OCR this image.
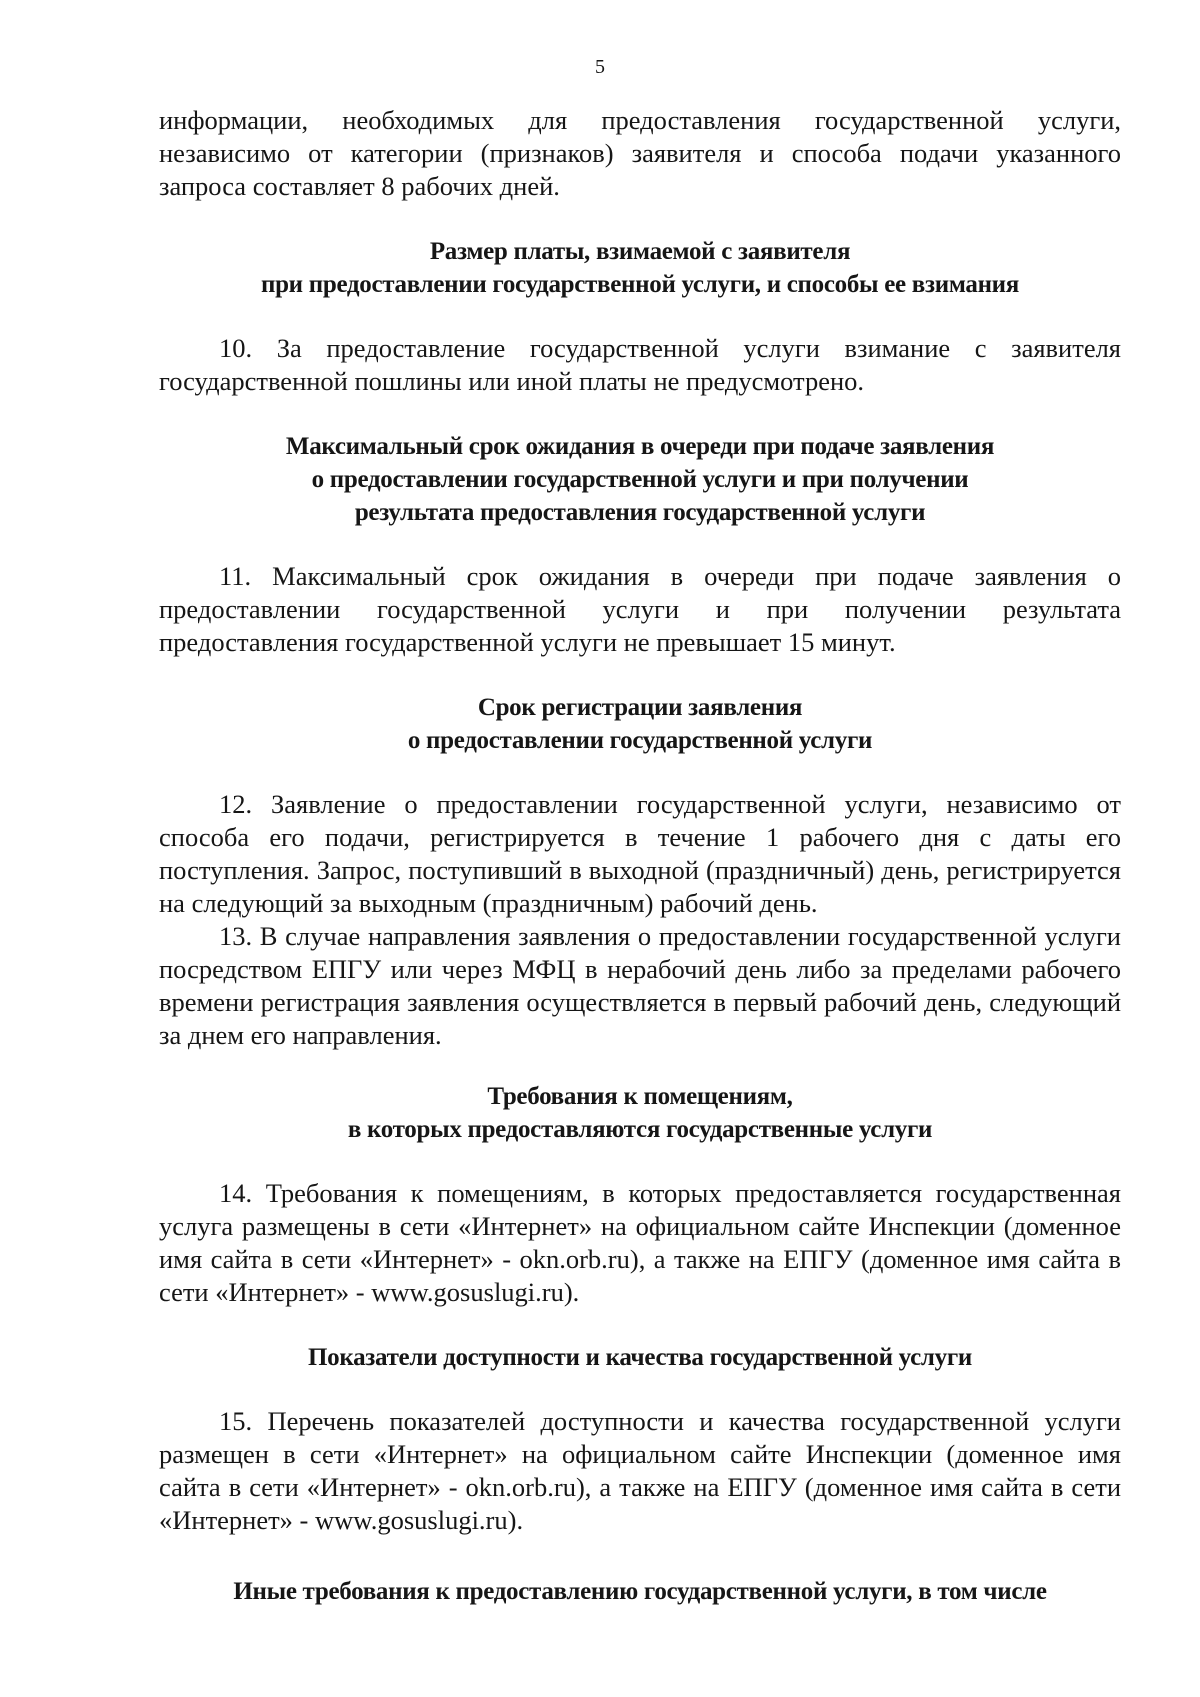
5

информации, необходимых для предоставления государственной услуги, независимо от категории (признаков) заявителя и способа подачи указанного запроса составляет 8 рабочих дней.

Размер платы, взимаемой с заявителя
при предоставлении государственной услуги, и способы ее взимания

10. За предоставление государственной услуги взимание с заявителя государственной пошлины или иной платы не предусмотрено.

Максимальный срок ожидания в очереди при подаче заявления
о предоставлении государственной услуги и при получении
результата предоставления государственной услуги

11. Максимальный срок ожидания в очереди при подаче заявления о предоставлении государственной услуги и при получении результата предоставления государственной услуги не превышает 15 минут.

Срок регистрации заявления
о предоставлении государственной услуги

12. Заявление о предоставлении государственной услуги, независимо от способа его подачи, регистрируется в течение 1 рабочего дня с даты его поступления. Запрос, поступивший в выходной (праздничный) день, регистрируется на следующий за выходным (праздничным) рабочий день.

13. В случае направления заявления о предоставлении государственной услуги посредством ЕПГУ или через МФЦ в нерабочий день либо за пределами рабочего времени регистрация заявления осуществляется в первый рабочий день, следующий за днем его направления.

Требования к помещениям,
в которых предоставляются государственные услуги

14. Требования к помещениям, в которых предоставляется государственная услуга размещены в сети «Интернет» на официальном сайте Инспекции (доменное имя сайта в сети «Интернет» - okn.orb.ru), а также на ЕПГУ (доменное имя сайта в сети «Интернет» - www.gosuslugi.ru).

Показатели доступности и качества государственной услуги

15. Перечень показателей доступности и качества государственной услуги размещен в сети «Интернет» на официальном сайте Инспекции (доменное имя сайта в сети «Интернет» - okn.orb.ru), а также на ЕПГУ (доменное имя сайта в сети «Интернет» - www.gosuslugi.ru).

Иные требования к предоставлению государственной услуги, в том числе
